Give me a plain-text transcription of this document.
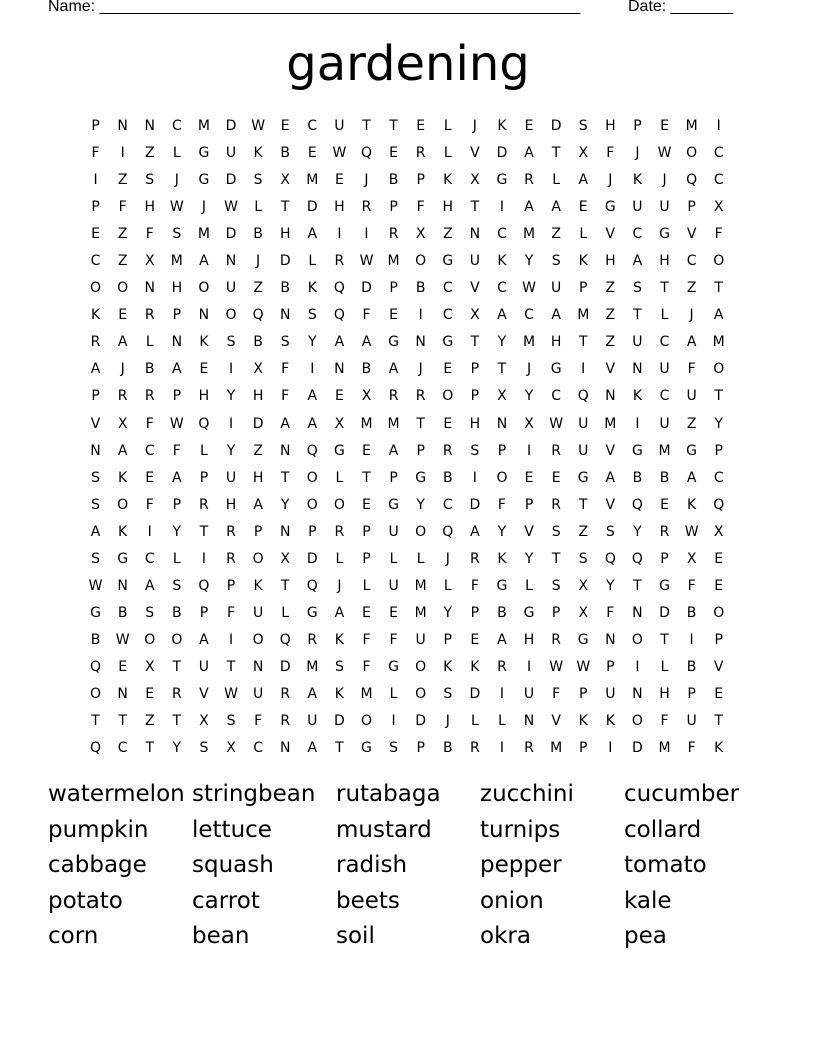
Name: ______________________________________________________	Date: _______
gardening
P	N	N	C	M	D	W	E	C	U	T	T	E	L	J	K	E	D	S	H	P	E	M	I
F	I	Z	L	G	U	K	B	E	W	Q	E	R	L	V	D	A	T	X	F	J	W	O	C
I	Z	S	J	G	D	S	X	M	E	J	B	P	K	X	G	R	L	A	J	K	J	Q	C
P	F	H	W	J	W	L	T	D	H	R	P	F	H	T	I	A	A	E	G	U	U	P	X
E	Z	F	S	M	D	B	H	A	I	I	R	X	Z	N	C	M	Z	L	V	C	G	V	F
C	Z	X	M	A	N	J	D	L	R	W	M	O	G	U	K	Y	S	K	H	A	H	C	O
O	O	N	H	O	U	Z	B	K	Q	D	P	B	C	V	C	W	U	P	Z	S	T	Z	T
K	E	R	P	N	O	Q	N	S	Q	F	E	I	C	X	A	C	A	M	Z	T	L	J	A
R	A	L	N	K	S	B	S	Y	A	A	G	N	G	T	Y	M	H	T	Z	U	C	A	M
A	J	B	A	E	I	X	F	I	N	B	A	J	E	P	T	J	G	I	V	N	U	F	O
P	R	R	P	H	Y	H	F	A	E	X	R	R	O	P	X	Y	C	Q	N	K	C	U	T
V	X	F	W	Q	I	D	A	A	X	M	M	T	E	H	N	X	W	U	M	I	U	Z	Y
N	A	C	F	L	Y	Z	N	Q	G	E	A	P	R	S	P	I	R	U	V	G	M	G	P
S	K	E	A	P	U	H	T	O	L	T	P	G	B	I	O	E	E	G	A	B	B	A	C
S	O	F	P	R	H	A	Y	O	O	E	G	Y	C	D	F	P	R	T	V	Q	E	K	Q
A	K	I	Y	T	R	P	N	P	R	P	U	O	Q	A	Y	V	S	Z	S	Y	R	W	X
S	G	C	L	I	R	O	X	D	L	P	L	L	J	R	K	Y	T	S	Q	Q	P	X	E
W	N	A	S	Q	P	K	T	Q	J	L	U	M	L	F	G	L	S	X	Y	T	G	F	E
G	B	S	B	P	F	U	L	G	A	E	E	M	Y	P	B	G	P	X	F	N	D	B	O
B	W	O	O	A	I	O	Q	R	K	F	F	U	P	E	A	H	R	G	N	O	T	I	P
Q	E	X	T	U	T	N	D	M	S	F	G	O	K	K	R	I	W W	P	I	L	B	V
O	N	E	R	V	W	U	R	A	K	M	L	O	S	D	I	U	F	P	U	N	H	P	E
T	T	Z	T	X	S	F	R	U	D	O	I	D	J	L	L	N	V	K	K	O	F	U	T
Q	C	T	Y	S	X	C	N	A	T	G	S	P	B	R	I	R	M	P	I	D	M	F	K
watermelon stringbean rutabaga	zucchini	cucumber
pumpkin	lettuce	mustard	turnips	collard
cabbage	squash	radish	pepper	tomato
potato	carrot	beets	onion	kale
corn	bean	soil	okra	pea
